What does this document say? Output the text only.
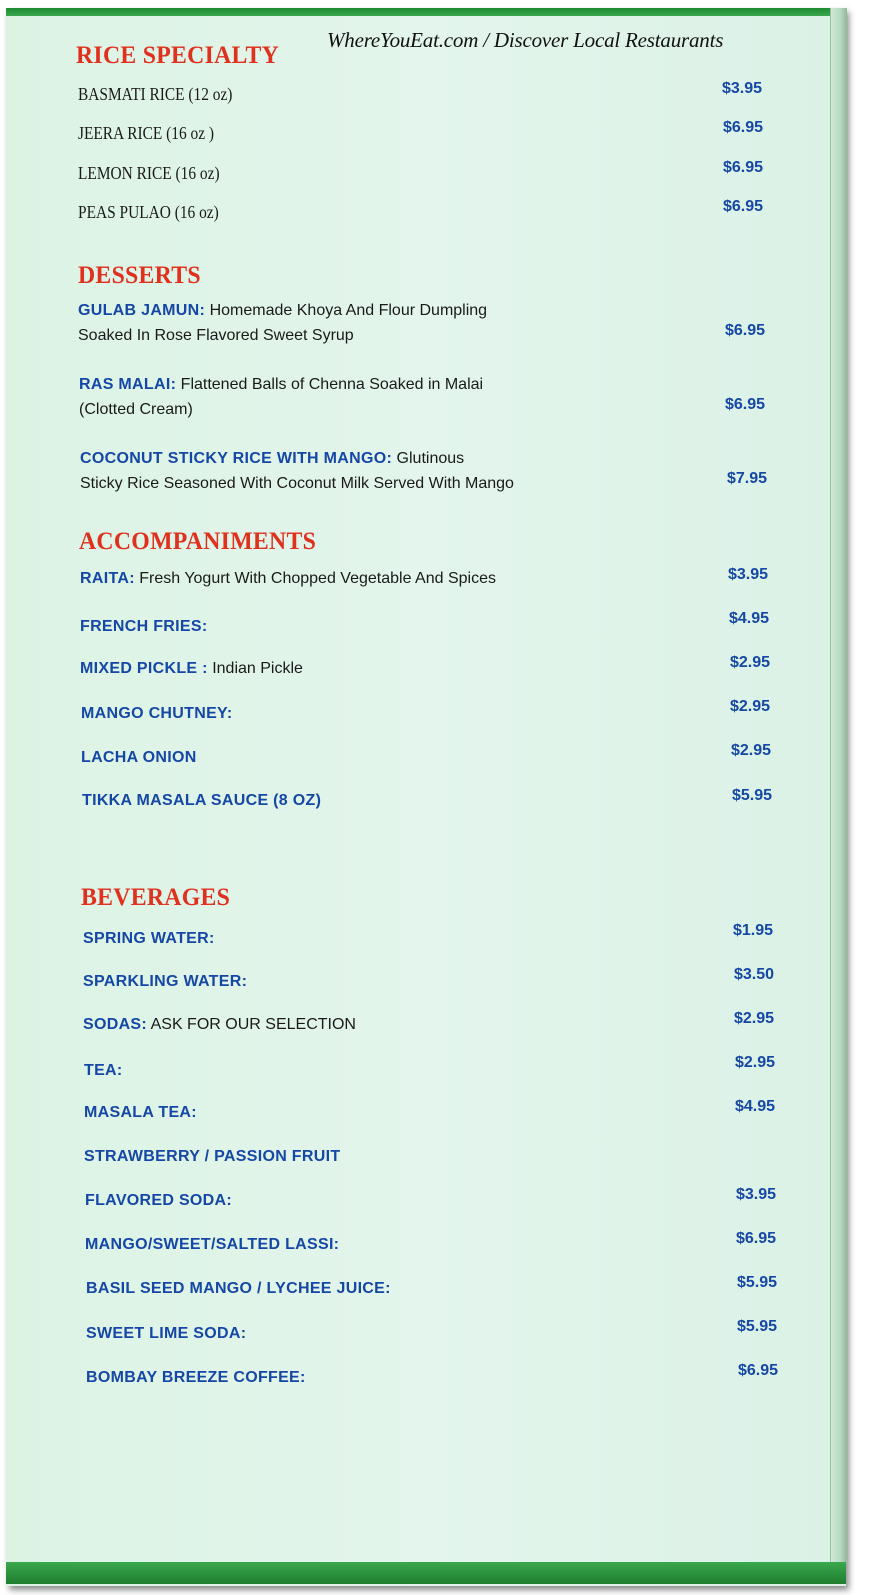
WhereYouEat.com / Discover Local Restaurants
RICE SPECIALTY
BASMATI RICE (12 oz)	$3.95
JEERA RICE (16 oz )	$6.95
LEMON RICE (16 oz)	$6.95
PEAS PULAO (16 oz)	$6.95
DESSERTS
GULAB JAMUN: Homemade Khoya And Flour Dumpling
Soaked In Rose Flavored Sweet Syrup	$6.95
RAS MALAI: Flattened Balls of Chenna Soaked in Malai
(Clotted Cream)	$6.95
COCONUT STICKY RICE WITH MANGO: Glutinous
Sticky Rice Seasoned With Coconut Milk Served With Mango	$7.95
ACCOMPANIMENTS
RAITA: Fresh Yogurt With Chopped Vegetable And Spices	$3.95
FRENCH FRIES:	$4.95
MIXED PICKLE : Indian Pickle	$2.95
MANGO CHUTNEY:	$2.95
LACHA ONION	$2.95
TIKKA MASALA SAUCE (8 OZ)	$5.95
BEVERAGES
SPRING WATER:	$1.95
SPARKLING WATER:	$3.50
SODAS: ASK FOR OUR SELECTION	$2.95
TEA:	$2.95
MASALA TEA:	$4.95
STRAWBERRY / PASSION FRUIT
FLAVORED SODA:	$3.95
MANGO/SWEET/SALTED LASSI:	$6.95
BASIL SEED MANGO / LYCHEE JUICE:	$5.95
SWEET LIME SODA:	$5.95
BOMBAY BREEZE COFFEE:	$6.95
